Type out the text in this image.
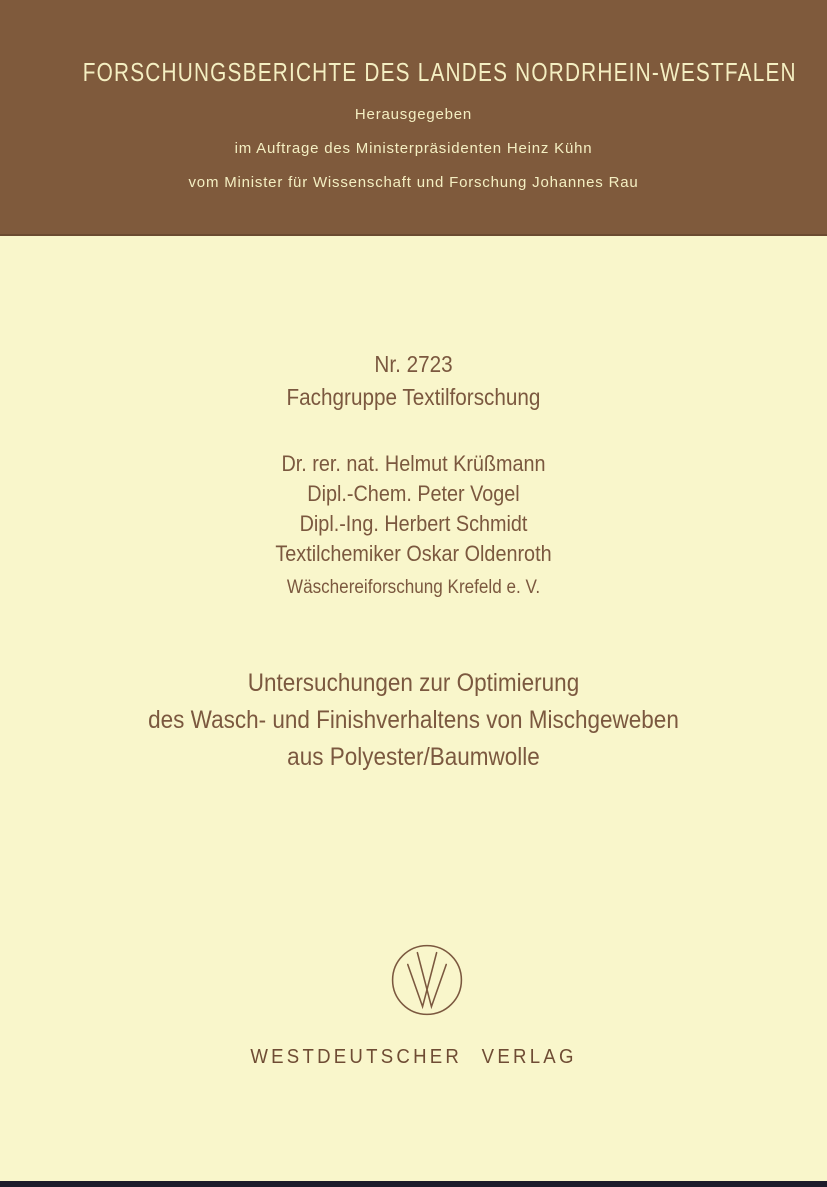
FORSCHUNGSBERICHTE DES LANDES NORDRHEIN-WESTFALEN
Herausgegeben
im Auftrage des Ministerpräsidenten Heinz Kühn
vom Minister für Wissenschaft und Forschung Johannes Rau
Nr. 2723
Fachgruppe Textilforschung
Dr. rer. nat. Helmut Krüßmann
Dipl.-Chem. Peter Vogel
Dipl.-Ing. Herbert Schmidt
Textilchemiker Oskar Oldenroth
Wäschereiforschung Krefeld e. V.
Untersuchungen zur Optimierung
des Wasch- und Finishverhaltens von Mischgeweben
aus Polyester/Baumwolle
WESTDEUTSCHER VERLAG
